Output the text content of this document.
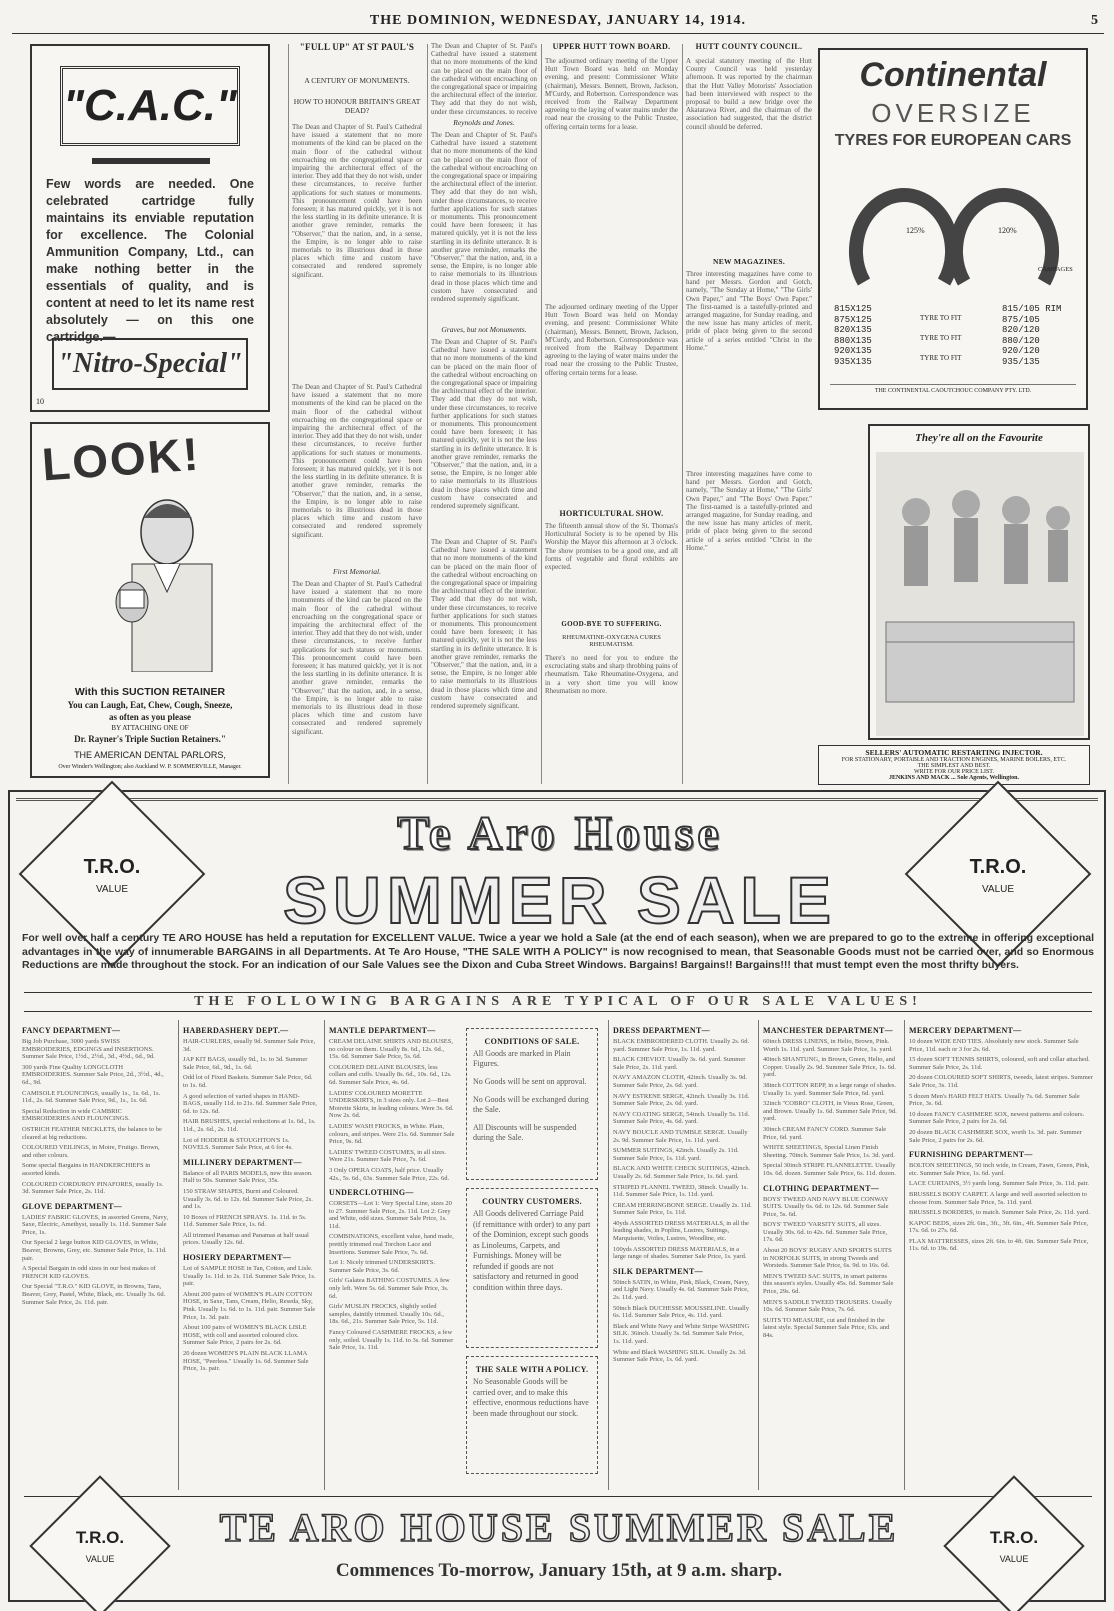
THE DOMINION, WEDNESDAY, JANUARY 14, 1914.	5
"C.A.C."
Few words are needed. One celebrated cartridge fully maintains its enviable reputation for excellence. The Colonial Ammunition Company, Ltd., can make nothing better in the essentials of quality, and is content at need to let its name rest absolutely — on this one cartridge.—
"Nitro-Special"
10
LOOK!
With this SUCTION RETAINER
You can Laugh, Eat, Chew, Cough, Sneeze,
as often as you please
BY ATTACHING ONE OF
Dr. Rayner's Triple Suction Retainers."
THE AMERICAN DENTAL PARLORS,
Over Winder's Wellington; also Auckland W. P. SOMMERVILLE, Manager.
"FULL UP" AT ST PAUL'S
A CENTURY OF MONUMENTS.
HOW TO HONOUR BRITAIN'S GREAT DEAD?
The Dean and Chapter of St. Paul's Cathedral have issued a statement that no more monuments of the kind can be placed on the main floor of the cathedral without encroaching on the congregational space or impairing the architectural effect of the interior. They add that they do not wish, under these circumstances, to receive further applications for such statues or monuments. This pronouncement could have been foreseen; it has matured quickly, yet it is not the less startling in its definite utterance. It is another grave reminder, remarks the "Observer," that the nation, and, in a sense, the Empire, is no longer able to raise memorials to its illustrious dead in those places which time and custom have consecrated and rendered supremely significant.
The Dean and Chapter of St. Paul's Cathedral have issued a statement that no more monuments of the kind can be placed on the main floor of the cathedral without encroaching on the congregational space or impairing the architectural effect of the interior. They add that they do not wish, under these circumstances, to receive further applications for such statues or monuments. This pronouncement could have been foreseen; it has matured quickly, yet it is not the less startling in its definite utterance. It is another grave reminder, remarks the "Observer," that the nation, and, in a sense, the Empire, is no longer able to raise memorials to its illustrious dead in those places which time and custom have consecrated and rendered supremely significant.
First Memorial.
The Dean and Chapter of St. Paul's Cathedral have issued a statement that no more monuments of the kind can be placed on the main floor of the cathedral without encroaching on the congregational space or impairing the architectural effect of the interior. They add that they do not wish, under these circumstances, to receive further applications for such statues or monuments. This pronouncement could have been foreseen; it has matured quickly, yet it is not the less startling in its definite utterance. It is another grave reminder, remarks the "Observer," that the nation, and, in a sense, the Empire, is no longer able to raise memorials to its illustrious dead in those places which time and custom have consecrated and rendered supremely significant.
The Dean and Chapter of St. Paul's Cathedral have issued a statement that no more monuments of the kind can be placed on the main floor of the cathedral without encroaching on the congregational space or impairing the architectural effect of the interior. They add that they do not wish, under these circumstances, to receive
Reynolds and Jones.
The Dean and Chapter of St. Paul's Cathedral have issued a statement that no more monuments of the kind can be placed on the main floor of the cathedral without encroaching on the congregational space or impairing the architectural effect of the interior. They add that they do not wish, under these circumstances, to receive further applications for such statues or monuments. This pronouncement could have been foreseen; it has matured quickly, yet it is not the less startling in its definite utterance. It is another grave reminder, remarks the "Observer," that the nation, and, in a sense, the Empire, is no longer able to raise memorials to its illustrious dead in those places which time and custom have consecrated and rendered supremely significant.
Graves, but not Monuments.
The Dean and Chapter of St. Paul's Cathedral have issued a statement that no more monuments of the kind can be placed on the main floor of the cathedral without encroaching on the congregational space or impairing the architectural effect of the interior. They add that they do not wish, under these circumstances, to receive further applications for such statues or monuments. This pronouncement could have been foreseen; it has matured quickly, yet it is not the less startling in its definite utterance. It is another grave reminder, remarks the "Observer," that the nation, and, in a sense, the Empire, is no longer able to raise memorials to its illustrious dead in those places which time and custom have consecrated and rendered supremely significant.
The Dean and Chapter of St. Paul's Cathedral have issued a statement that no more monuments of the kind can be placed on the main floor of the cathedral without encroaching on the congregational space or impairing the architectural effect of the interior. They add that they do not wish, under these circumstances, to receive further applications for such statues or monuments. This pronouncement could have been foreseen; it has matured quickly, yet it is not the less startling in its definite utterance. It is another grave reminder, remarks the "Observer," that the nation, and, in a sense, the Empire, is no longer able to raise memorials to its illustrious dead in those places which time and custom have consecrated and rendered supremely significant.
UPPER HUTT TOWN BOARD.
The adjourned ordinary meeting of the Upper Hutt Town Board was held on Monday evening, and present: Commissioner White (chairman), Messrs. Bennett, Brown, Jackson, M'Curdy, and Robertson. Correspondence was received from the Railway Department agreeing to the laying of water mains under the road near the crossing to the Public Trustee, offering certain terms for a lease.
The adjourned ordinary meeting of the Upper Hutt Town Board was held on Monday evening, and present: Commissioner White (chairman), Messrs. Bennett, Brown, Jackson, M'Curdy, and Robertson. Correspondence was received from the Railway Department agreeing to the laying of water mains under the road near the crossing to the Public Trustee, offering certain terms for a lease.
HORTICULTURAL SHOW.
The fifteenth annual show of the St. Thomas's Horticultural Society is to be opened by His Worship the Mayor this afternoon at 3 o'clock. The show promises to be a good one, and all forms of vegetable and floral exhibits are expected.
GOOD-BYE TO SUFFERING.
RHEUMATINE-OXYGENA CURES RHEUMATISM.
There's no need for you to endure the excruciating stabs and sharp throbbing pains of rheumatism. Take Rheumatine-Oxygena, and in a very short time you will know Rheumatism no more.
HUTT COUNTY COUNCIL.
A special statutory meeting of the Hutt County Council was held yesterday afternoon. It was reported by the chairman that the Hutt Valley Motorists' Association had been interviewed with respect to the proposal to build a new bridge over the Akatarawa River, and the chairman of the association had suggested, that the district council should be deferred.
NEW MAGAZINES.
Three interesting magazines have come to hand per Messrs. Gordon and Gotch, namely, "The Sunday at Home," "The Girls' Own Paper," and "The Boys' Own Paper." The first-named is a tastefully-printed and arranged magazine, for Sunday reading, and the new issue has many articles of merit, pride of place being given to the second article of a series entitled "Christ in the Home."
Three interesting magazines have come to hand per Messrs. Gordon and Gotch, namely, "The Sunday at Home," "The Girls' Own Paper," and "The Boys' Own Paper." The first-named is a tastefully-printed and arranged magazine, for Sunday reading, and the new issue has many articles of merit, pride of place being given to the second article of a series entitled "Christ in the Home."
Continental
OVERSIZE
TYRES FOR EUROPEAN CARS
125%	120%
CAMPAGES
815X125
875X125
820X135
880X135
920X135
935X135
TYRE TO FIT
TYRE TO FIT
TYRE TO FIT
815/105 RIM
875/105
820/120
880/120
920/120
935/135
THE CONTINENTAL CAOUTCHOUC COMPANY PTY. LTD.
They're all on the Favourite
SELLERS' AUTOMATIC RESTARTING INJECTOR.
FOR STATIONARY, PORTABLE AND TRACTION ENGINES, MARINE BOILERS, ETC.
THE SIMPLEST AND BEST.
WRITE FOR OUR PRICE LIST.
JENKINS AND MACK ... Sole Agents, Wellington.
T.R.O.
VALUE
T.R.O.
VALUE
Te Aro House
SUMMER SALE
For well over half a century TE ARO HOUSE has held a reputation for EXCELLENT VALUE. Twice a year we hold a Sale (at the end of each season), when we are prepared to go to the extreme in offering exceptional advantages in the way of innumerable BARGAINS in all Departments. At Te Aro House, "THE SALE WITH A POLICY" is now recognised to mean, that Seasonable Goods must not be carried over, and so Enormous Reductions are made throughout the stock. For an indication of our Sale Values see the Dixon and Cuba Street Windows. Bargains! Bargains!! Bargains!!! that must tempt even the most thrifty buyers.
THE FOLLOWING BARGAINS ARE TYPICAL OF OUR SALE VALUES!
FANCY DEPARTMENT—
Big Job Purchase, 3000 yards SWISS EMBROIDERIES, EDGINGS and INSERTIONS. Summer Sale Price, 1½d., 2½d., 3d., 4½d., 6d., 9d.
300 yards Fine Quality LONGCLOTH EMBROIDERIES. Summer Sale Price, 2d., 3½d., 4d., 6d., 9d.
CAMISOLE FLOUNCINGS, usually 1s., 1s. 6d., 1s. 11d., 2s. 6d. Summer Sale Price, 9d., 1s., 1s. 6d.
Special Reduction in wide CAMBRIC EMBROIDERIES AND FLOUNCINGS.
OSTRICH FEATHER NECKLETS, the balance to be cleared at big reductions.
COLOURED VEILINGS, in Moire, Fruitgo. Brown, and other colours.
Some special Bargains in HANDKERCHIEFS in assorted kinds.
COLOURED CORDUROY PINAFORES, usually 1s. 3d. Summer Sale Price, 2s. 11d.
GLOVE DEPARTMENT—
LADIES' FABRIC GLOVES, in assorted Greens, Navy, Saxe, Electric, Amethyst, usually 1s. 11d. Summer Sale Price, 1s.
Our Special 2 large button KID GLOVES, in White, Beaver, Browns, Grey, etc. Summer Sale Price, 1s. 11d. pair.
A Special Bargain in odd sizes in our best makes of FRENCH KID GLOVES.
Our Special "T.R.O." KID GLOVE, in Browns, Tans, Beaver, Grey, Pastel, White, Black, etc. Usually 3s. 6d. Summer Sale Price, 2s. 11d. pair.
HABERDASHERY DEPT.—
HAIR-CURLERS, usually 9d. Summer Sale Price, 3d.
JAP KIT BAGS, usually 9d., 1s. to 3d. Summer Sale Price, 6d., 9d., 1s. 6d.
Odd lot of Fixed Baskets. Summer Sale Price, 6d. to 1s. 6d.
A good selection of varied shapes in HAND-BAGS, usually 11d. to 21s. 6d. Summer Sale Price, 6d. to 12s. 6d.
HAIR BRUSHES, special reductions at 1s. 6d., 1s. 11d., 2s. 6d., 2s. 11d.
Lot of HODDER & STOUGHTON'S 1s. NOVELS. Summer Sale Price, at 6 for 4s.
MILLINERY DEPARTMENT—
Balance of all PARIS MODELS, new this season. Half to 50s. Summer Sale Price, 35s.
150 STRAW SHAPES, Burnt and Coloured. Usually 3s. 6d. to 12s. 6d. Summer Sale Price, 2s. and 1s.
10 Boxes of FRENCH SPRAYS. 1s. 11d. to 5s. 11d. Summer Sale Price, 1s. 6d.
All trimmed Panamas and Panamas at half usual prices. Usually 12s. 6d.
HOSIERY DEPARTMENT—
Lot of SAMPLE HOSE in Tan, Cotton, and Lisle. Usually 1s. 11d. to 2s. 11d. Summer Sale Price, 1s. pair.
About 200 pairs of WOMEN'S PLAIN COTTON HOSE, in Saxe, Tans, Cream, Helio, Reseda, Sky, Pink. Usually 1s. 6d. to 1s. 11d. pair. Summer Sale Price, 1s. 3d. pair.
About 100 pairs of WOMEN'S BLACK LISLE HOSE, with coll and assorted coloured clox. Summer Sale Price, 2 pairs for 2s. 6d.
20 dozen WOMEN'S PLAIN BLACK LLAMA HOSE, "Peerless." Usually 1s. 6d. Summer Sale Price, 1s. pair.
MANTLE DEPARTMENT—
CREAM DELAINE SHIRTS AND BLOUSES, no colour on them. Usually 8s. 6d., 12s. 6d., 15s. 6d. Summer Sale Price, 5s. 6d.
COLOURED DELAINE BLOUSES, less collars and cuffs. Usually 8s. 6d., 10s. 6d., 12s. 6d. Summer Sale Price, 4s. 6d.
LADIES' COLOURED MORETTE UNDERSKIRTS, in 3 sizes only. Lot 2—Best Moirette Skirts, in leading colours. Were 3s. 6d. Now 2s. 6d.
LADIES' WASH FROCKS, in White. Plain, colours, and stripes. Were 21s. 6d. Summer Sale Price, 9s. 6d.
LADIES' TWEED COSTUMES, in all sizes. Were 21s. Summer Sale Price, 7s. 6d.
3 Only OPERA COATS, half price. Usually 42s., 5s. 6d., 63s. Summer Sale Price, 22s. 6d.
UNDERCLOTHING—
CORSETS—Lot 1: Very Special Line, sizes 20 to 27. Summer Sale Price, 2s. 11d. Lot 2: Grey and White, odd sizes. Summer Sale Price, 1s. 11d.
COMBINATIONS, excellent value, hand made, prettily trimmed real Torchon Lace and Insertions. Summer Sale Price, 7s. 6d.
Lot 1: Nicely trimmed UNDERSKIRTS. Summer Sale Price, 3s. 6d.
Girls' Galatea BATHING COSTUMES. A few only left. Were 5s. 6d. Summer Sale Price, 3s. 6d.
Girls' MUSLIN FROCKS, slightly soiled samples, daintily trimmed. Usually 10s. 6d., 18s. 6d., 21s. Summer Sale Price, 5s. 11d.
Fancy Coloured CASHMERE FROCKS, a few only, soiled. Usually 1s. 11d. to 3s. 6d. Summer Sale Price, 1s. 11d.
CONDITIONS OF SALE.
All Goods are marked in Plain Figures.
No Goods will be sent on approval.
No Goods will be exchanged during the Sale.
All Discounts will be suspended during the Sale.
COUNTRY CUSTOMERS.
All Goods delivered Carriage Paid (if remittance with order) to any part of the Dominion, except such goods as Linoleums, Carpets, and Furnishings. Money will be refunded if goods are not satisfactory and returned in good condition within three days.
THE SALE WITH A POLICY.
No Seasonable Goods will be carried over, and to make this effective, enormous reductions have been made throughout our stock.
DRESS DEPARTMENT—
BLACK EMBROIDERED CLOTH. Usually 2s. 6d. yard. Summer Sale Price, 1s. 11d. yard.
BLACK CHEVIOT. Usually 3s. 6d. yard. Summer Sale Price, 2s. 11d. yard.
NAVY AMAZON CLOTH, 42inch. Usually 3s. 9d. Summer Sale Price, 2s. 6d. yard.
NAVY ESTRENE SERGE, 42inch. Usually 3s. 11d. Summer Sale Price, 2s. 6d. yard.
NAVY COATING SERGE, 54inch. Usually 5s. 11d. Summer Sale Price, 4s. 6d. yard.
NAVY BOUCLE AND TUMBLE SERGE. Usually 2s. 9d. Summer Sale Price, 1s. 11d. yard.
SUMMER SUITINGS, 42inch. Usually 2s. 11d. Summer Sale Price, 1s. 11d. yard.
BLACK AND WHITE CHECK SUITINGS, 42inch. Usually 2s. 6d. Summer Sale Price, 1s. 6d. yard.
STRIPED FLANNEL TWEED, 38inch. Usually 1s. 11d. Summer Sale Price, 1s. 11d. yard.
CREAM HERRINGBONE SERGE. Usually 2s. 11d. Summer Sale Price, 1s. 11d.
40yds ASSORTED DRESS MATERIALS, in all the leading shades, in Poplins, Lustres, Suitings, Marquisette, Voiles, Lustres, Woodline, etc.
100yds ASSORTED DRESS MATERIALS, in a large range of shades. Summer Sale Price, 1s. yard.
SILK DEPARTMENT—
50inch SATIN, in White, Pink, Black, Cream, Navy, and Light Navy. Usually 4s. 6d. Summer Sale Price, 2s. 11d. yard.
50inch Black DUCHESSE MOUSSELINE. Usually 6s. 11d. Summer Sale Price, 4s. 11d. yard.
Black and White Navy and White Stripe WASHING SILK. 36inch. Usually 3s. 6d. Summer Sale Price, 1s. 11d. yard.
White and Black WASHING SILK. Usually 2s. 3d. Summer Sale Price, 1s. 6d. yard.
MANCHESTER DEPARTMENT—
60inch DRESS LINENS, in Helio, Brown, Pink. Worth 1s. 11d. yard. Summer Sale Price, 1s. yard.
40inch SHANTUNG, in Brown, Green, Helio, and Copper. Usually 2s. 9d. Summer Sale Price, 1s. 6d. yard.
38inch COTTON REPP, in a large range of shades. Usually 1s. yard. Summer Sale Price, 6d. yard.
32inch "COBRO" CLOTH, in Vieux Rose, Green, and Brown. Usually 1s. 6d. Summer Sale Price, 9d. yard.
30inch CREAM FANCY CORD. Summer Sale Price, 6d. yard.
WHITE SHEETINGS, Special Linen Finish Sheeting. 70inch. Summer Sale Price, 1s. 3d. yard.
Special 30inch STRIPE FLANNELETTE. Usually 10s. 6d. dozen. Summer Sale Price, 6s. 11d. dozen.
CLOTHING DEPARTMENT—
BOYS' TWEED AND NAVY BLUE CONWAY SUITS. Usually 6s. 6d. to 12s. 6d. Summer Sale Price, 5s. 6d.
BOYS' TWEED 'VARSITY SUITS, all sizes. Usually 30s. 6d. to 42s. 6d. Summer Sale Price, 17s. 6d.
About 20 BOYS' RUGBY AND SPORTS SUITS in NORFOLK SUITS, in strong Tweeds and Worsteds. Summer Sale Price, 6s. 9d. to 16s. 6d.
MEN'S TWEED SAC SUITS, in smart patterns this season's styles. Usually 45s. 6d. Summer Sale Price, 29s. 6d.
MEN'S SADDLE TWEED TROUSERS. Usually 10s. 6d. Summer Sale Price, 7s. 6d.
SUITS TO MEASURE, cut and finished in the latest style. Special Summer Sale Price, 63s. and 84s.
MERCERY DEPARTMENT—
10 dozen WIDE END TIES. Absolutely new stock. Summer Sale Price, 11d. each or 3 for 2s. 6d.
15 dozen SOFT TENNIS SHIRTS, coloured, soft and collar attached. Summer Sale Price, 2s. 11d.
20 dozen COLOURED SOFT SHIRTS, tweeds, latest stripes. Summer Sale Price, 3s. 11d.
5 dozen Men's HARD FELT HATS. Usually 7s. 6d. Summer Sale Price, 3s. 6d.
10 dozen FANCY CASHMERE SOX, newest patterns and colours. Summer Sale Price, 2 pairs for 2s. 6d.
20 dozen BLACK CASHMERE SOX, worth 1s. 3d. pair. Summer Sale Price, 2 pairs for 2s. 6d.
FURNISHING DEPARTMENT—
BOLTON SHEETINGS, 50 inch wide, in Cream, Fawn, Green, Pink, etc. Summer Sale Price, 1s. 6d. yard.
LACE CURTAINS, 3½ yards long. Summer Sale Price, 3s. 11d. pair.
BRUSSELS BODY CARPET. A large and well assorted selection to choose from. Summer Sale Price, 5s. 11d. yard.
BRUSSELS BORDERS, to match. Summer Sale Price, 2s. 11d. yard.
KAPOC BEDS, sizes 2ft. 6in., 3ft., 3ft. 6in., 4ft. Summer Sale Price, 17s. 6d. to 27s. 6d.
FLAX MATTRESSES, sizes 2ft. 6in. to 4ft. 6in. Summer Sale Price, 11s. 6d. to 19s. 6d.
T.R.O.
VALUE
T.R.O.
VALUE
TE ARO HOUSE SUMMER SALE
Commences To-morrow, January 15th, at 9 a.m. sharp.
